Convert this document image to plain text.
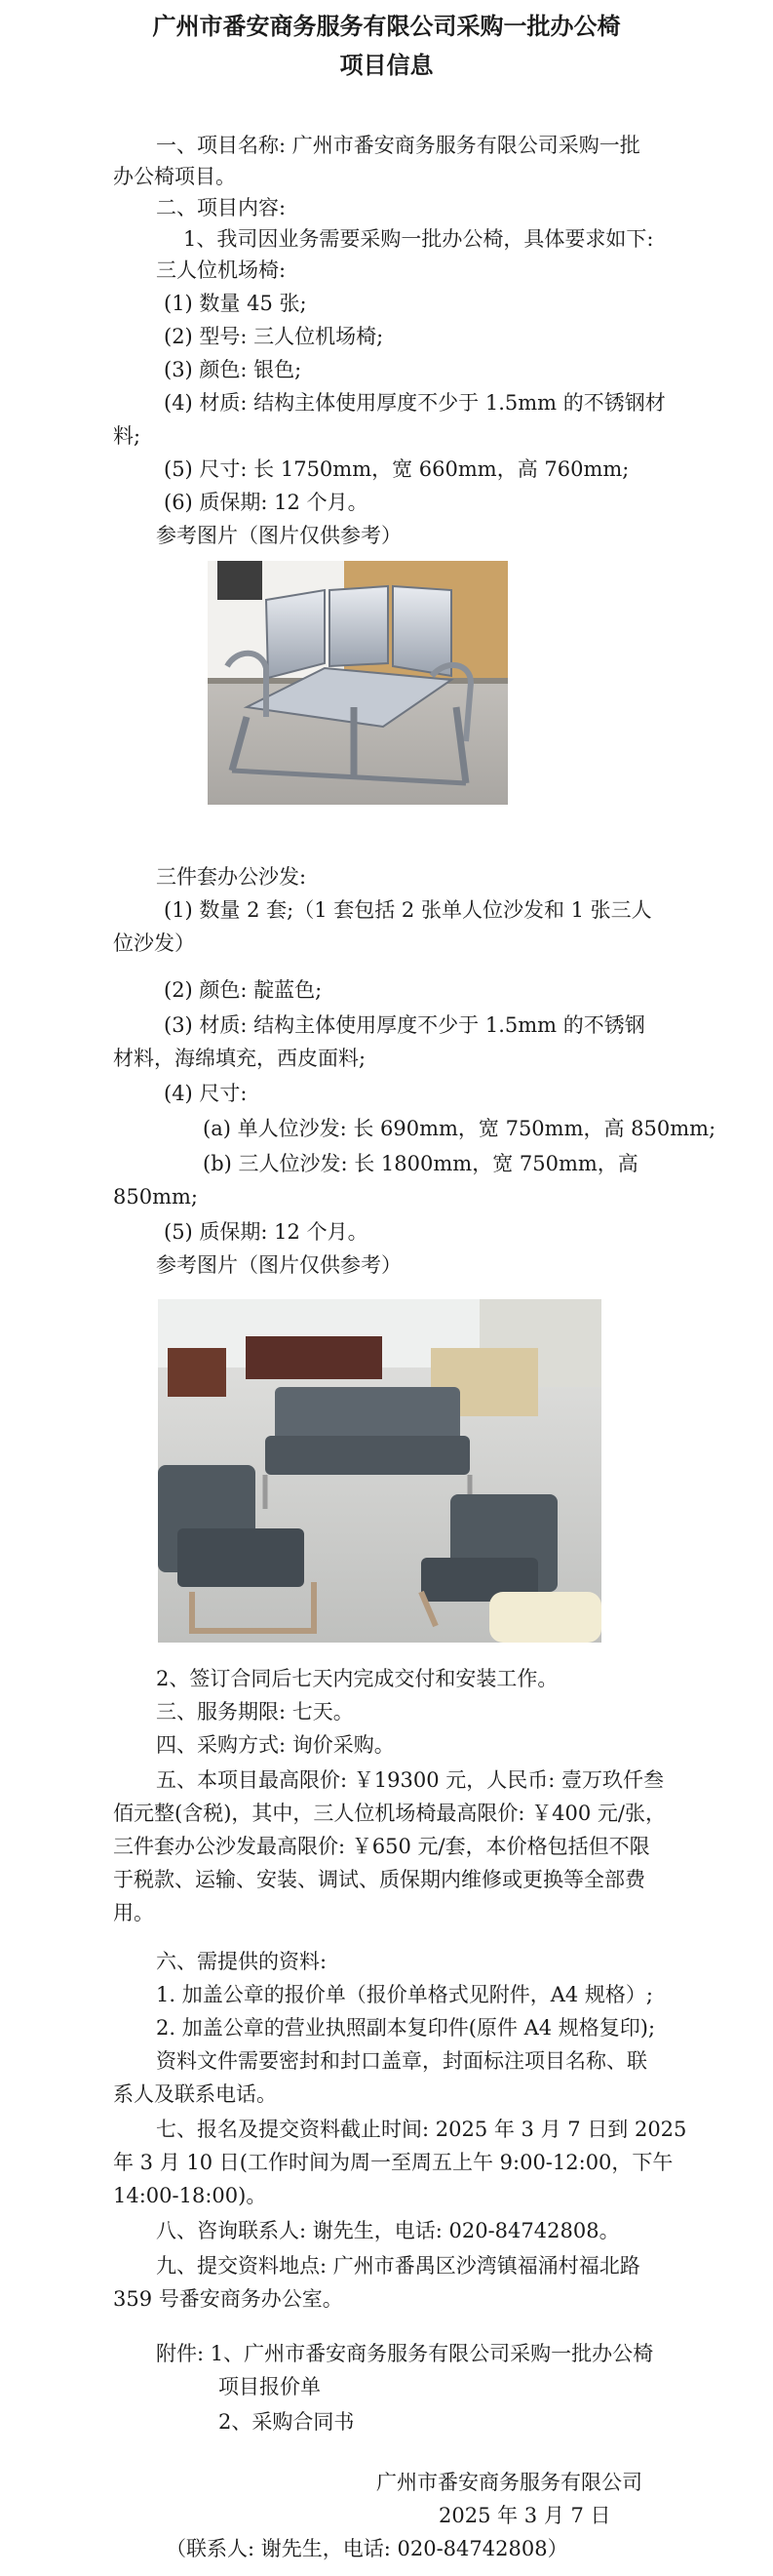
广州市番安商务服务有限公司采购一批办公椅
项目信息
一、项目名称: 广州市番安商务服务有限公司采购一批
办公椅项目。
二、项目内容:
1、我司因业务需要采购一批办公椅，具体要求如下:
三人位机场椅:
(1) 数量 45 张;
(2) 型号: 三人位机场椅;
(3) 颜色: 银色;
(4) 材质: 结构主体使用厚度不少于 1.5mm 的不锈钢材
料;
(5) 尺寸: 长 1750mm，宽 660mm，高 760mm;
(6) 质保期: 12 个月。
参考图片（图片仅供参考）
三件套办公沙发:
(1) 数量 2 套;（1 套包括 2 张单人位沙发和 1 张三人
位沙发）
(2) 颜色: 靛蓝色;
(3) 材质: 结构主体使用厚度不少于 1.5mm 的不锈钢
材料，海绵填充，西皮面料;
(4) 尺寸:
(a) 单人位沙发: 长 690mm，宽 750mm，高 850mm;
(b) 三人位沙发: 长 1800mm，宽 750mm，高
850mm;
(5) 质保期: 12 个月。
参考图片（图片仅供参考）
2、签订合同后七天内完成交付和安装工作。
三、服务期限: 七天。
四、采购方式: 询价采购。
五、本项目最高限价: ￥19300 元，人民币: 壹万玖仟叁
佰元整(含税)，其中，三人位机场椅最高限价: ￥400 元/张，
三件套办公沙发最高限价: ￥650 元/套，本价格包括但不限
于税款、运输、安装、调试、质保期内维修或更换等全部费
用。
六、需提供的资料:
1. 加盖公章的报价单（报价单格式见附件，A4 规格）;
2. 加盖公章的营业执照副本复印件(原件 A4 规格复印);
资料文件需要密封和封口盖章，封面标注项目名称、联
系人及联系电话。
七、报名及提交资料截止时间: 2025 年 3 月 7 日到 2025
年 3 月 10 日(工作时间为周一至周五上午 9:00-12:00，下午
14:00-18:00)。
八、咨询联系人: 谢先生，电话: 020-84742808。
九、提交资料地点: 广州市番禺区沙湾镇福涌村福北路
359 号番安商务办公室。
附件: 1、广州市番安商务服务有限公司采购一批办公椅
项目报价单
2、采购合同书
广州市番安商务服务有限公司
2025 年 3 月 7 日
（联系人: 谢先生，电话: 020-84742808）
